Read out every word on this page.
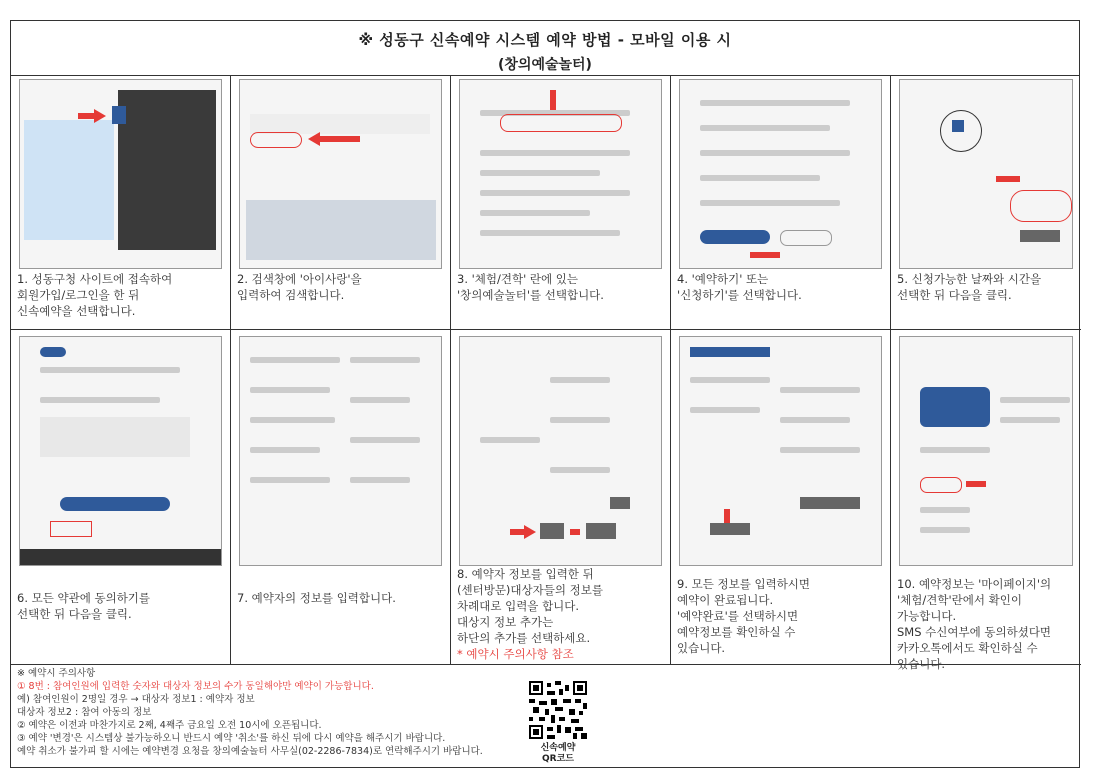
※ 성동구 신속예약 시스템 예약 방법 - 모바일 이용 시
(창의예술놀터)
1. 성동구청 사이트에 접속하여
회원가입/로그인을 한 뒤
신속예약을 선택합니다.
2. 검색창에 '아이사랑'을
입력하여 검색합니다.
3. '체험/견학' 란에 있는
'창의예술놀터'를 선택합니다.
4. '예약하기' 또는
'신청하기'를 선택합니다.
5. 신청가능한 날짜와 시간을
선택한 뒤 다음을 클릭.
6. 모든 약관에 동의하기를
선택한 뒤 다음을 클릭.
7. 예약자의 정보를 입력합니다.
8. 예약자 정보를 입력한 뒤
(센터방문)대상자들의 정보를
차례대로 입력을 합니다.
대상지 정보 추가는
하단의 추가를 선택하세요.
* 예약시 주의사항 참조
9. 모든 정보를 입력하시면
예약이 완료됩니다.
'예약완료'를 선택하시면
예약정보를 확인하실 수
있습니다.
10. 예약정보는 '마이페이지'의
'체험/견학'란에서 확인이
가능합니다.
SMS 수신여부에 동의하셨다면
카카오톡에서도 확인하실 수
있습니다.
※ 예약시 주의사항
① 8번 : 참여인원에 입력한 숫자와 대상자 정보의 수가 동일해야만 예약이 가능합니다.
예) 참여인원이 2명일 경우 → 대상자 정보1 : 예약자 정보
대상자 정보2 : 참여 아동의 정보
② 예약은 이전과 마찬가지로 2째, 4째주 금요일 오전 10시에 오픈됩니다.
③ 예약 '변경'은 시스템상 불가능하오니 반드시 예약 '취소'를 하신 뒤에 다시 예약을 해주시기 바랍니다.
예약 취소가 불가피 할 시에는 예약변경 요청을 창의예술놀터 사무실(02-2286-7834)로 연락해주시기 바랍니다.	신속예약
QR코드
